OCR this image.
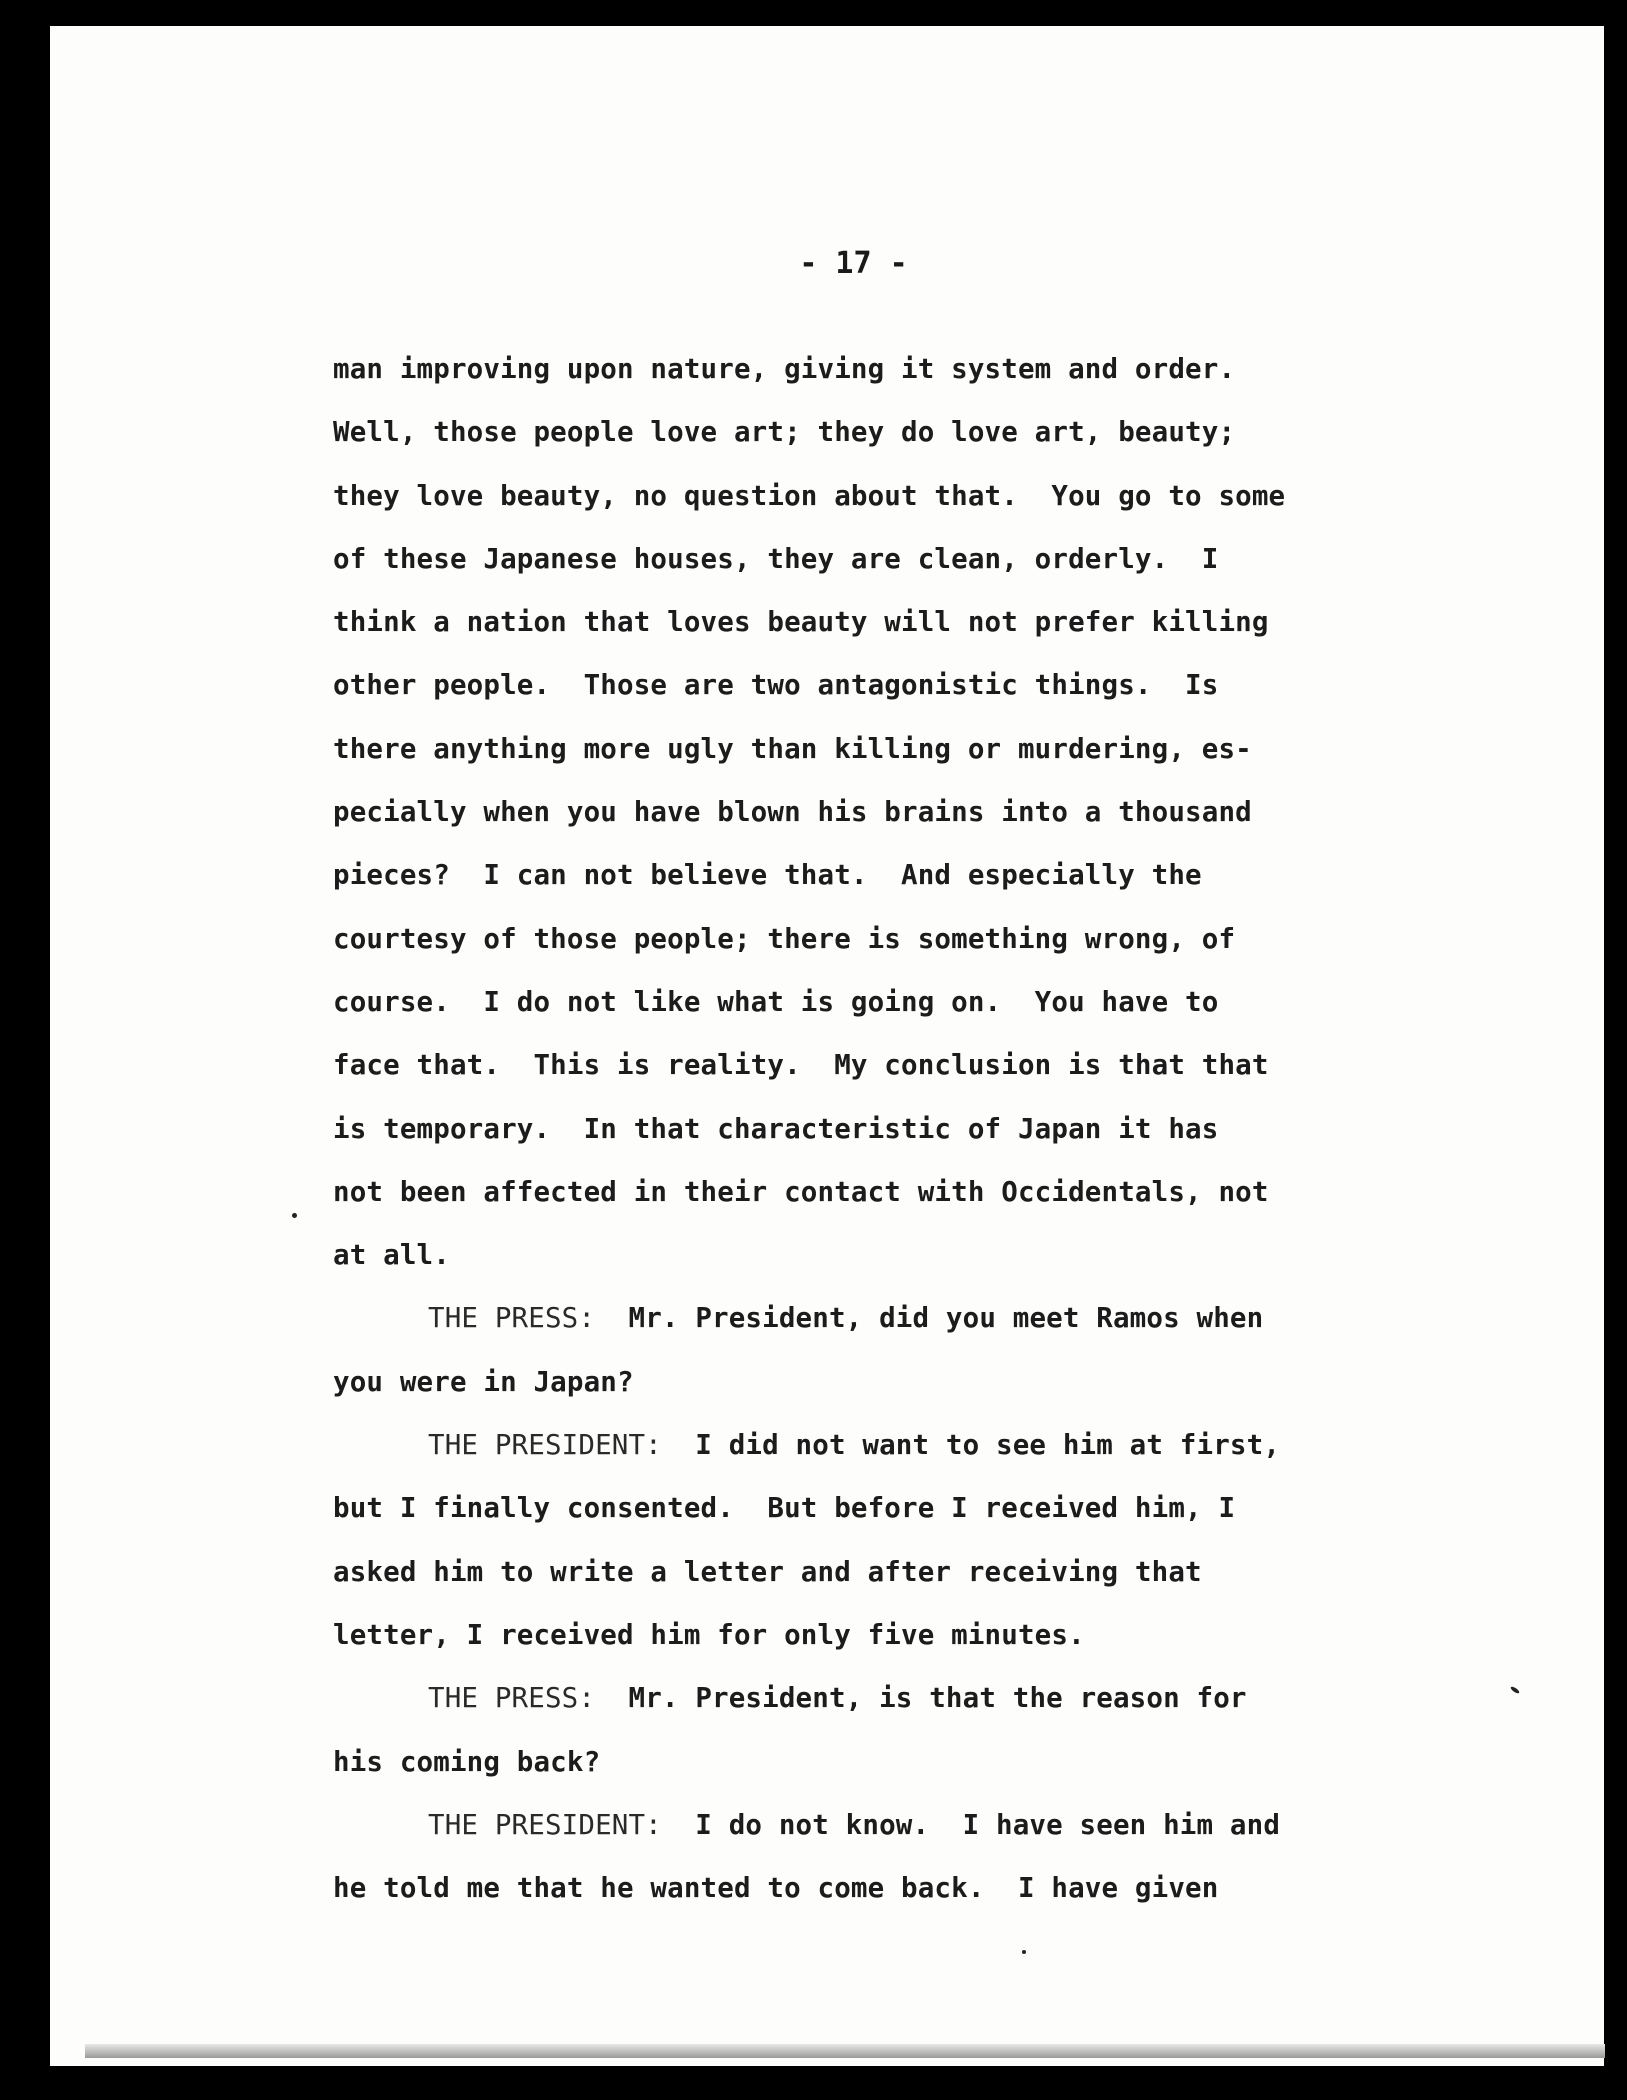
- 17 -
man improving upon nature, giving it system and order.
Well, those people love art; they do love art, beauty;
they love beauty, no question about that.  You go to some
of these Japanese houses, they are clean, orderly.  I
think a nation that loves beauty will not prefer killing
other people.  Those are two antagonistic things.  Is
there anything more ugly than killing or murdering, es-
pecially when you have blown his brains into a thousand
pieces?  I can not believe that.  And especially the
courtesy of those people; there is something wrong, of
course.  I do not like what is going on.  You have to
face that.  This is reality.  My conclusion is that that
is temporary.  In that characteristic of Japan it has
not been affected in their contact with Occidentals, not
at all.
THE PRESS:  Mr. President, did you meet Ramos when
you were in Japan?
THE PRESIDENT:  I did not want to see him at first,
but I finally consented.  But before I received him, I
asked him to write a letter and after receiving that
letter, I received him for only five minutes.
THE PRESS:  Mr. President, is that the reason for
his coming back?
THE PRESIDENT:  I do not know.  I have seen him and
he told me that he wanted to come back.  I have given
